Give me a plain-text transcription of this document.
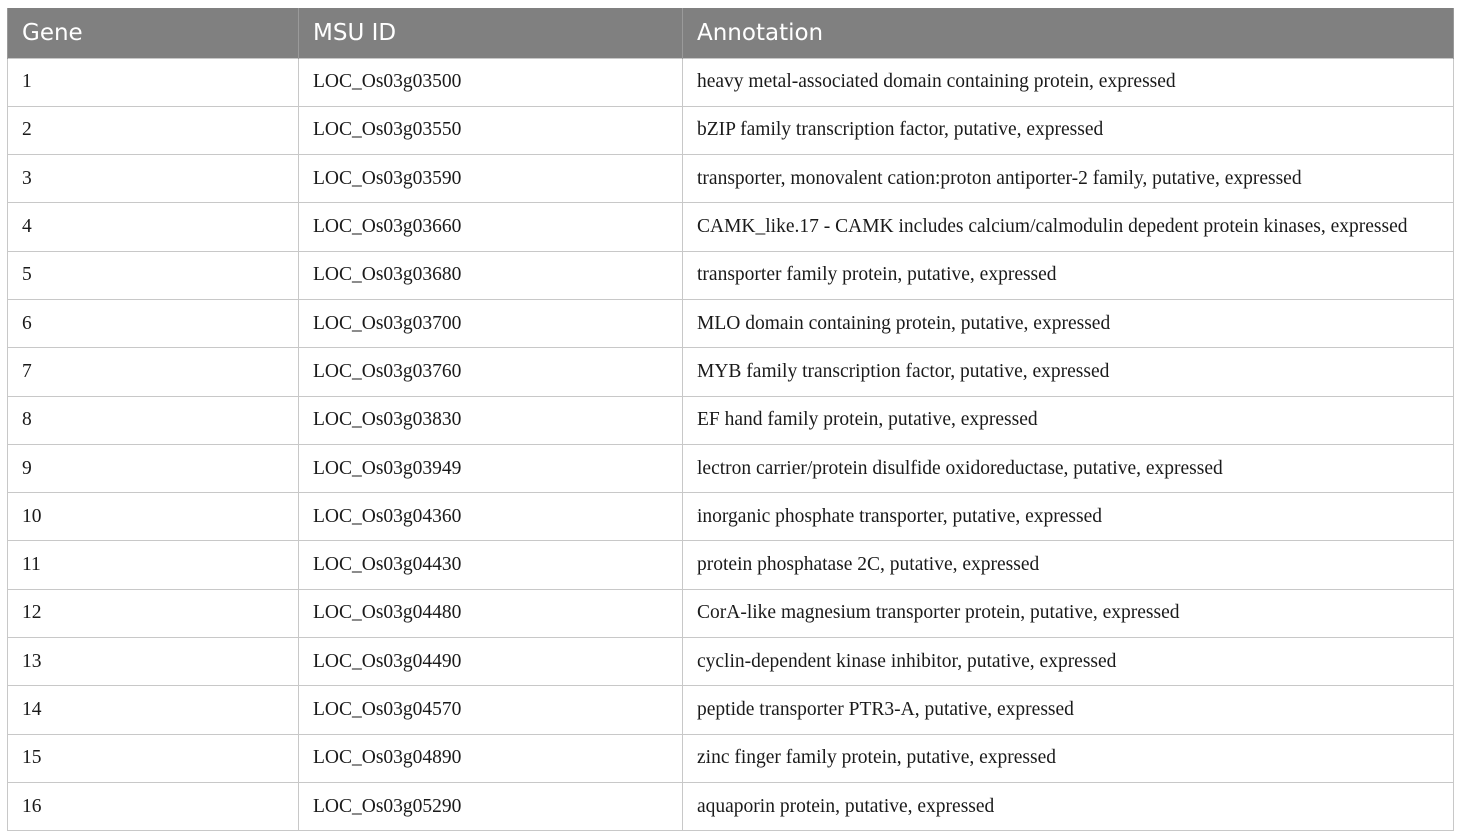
Gene	MSU ID	Annotation
1	LOC_Os03g03500	heavy metal-associated domain containing protein, expressed
2	LOC_Os03g03550	bZIP family transcription factor, putative, expressed
3	LOC_Os03g03590	transporter, monovalent cation:proton antiporter-2 family, putative, expressed
4	LOC_Os03g03660	CAMK_like.17 - CAMK includes calcium/calmodulin depedent protein kinases, expressed
5	LOC_Os03g03680	transporter family protein, putative, expressed
6	LOC_Os03g03700	MLO domain containing protein, putative, expressed
7	LOC_Os03g03760	MYB family transcription factor, putative, expressed
8	LOC_Os03g03830	EF hand family protein, putative, expressed
9	LOC_Os03g03949	lectron carrier/protein disulfide oxidoreductase, putative, expressed
10	LOC_Os03g04360	inorganic phosphate transporter, putative, expressed
11	LOC_Os03g04430	protein phosphatase 2C, putative, expressed
12	LOC_Os03g04480	CorA-like magnesium transporter protein, putative, expressed
13	LOC_Os03g04490	cyclin-dependent kinase inhibitor, putative, expressed
14	LOC_Os03g04570	peptide transporter PTR3-A, putative, expressed
15	LOC_Os03g04890	zinc finger family protein, putative, expressed
16	LOC_Os03g05290	aquaporin protein, putative, expressed
